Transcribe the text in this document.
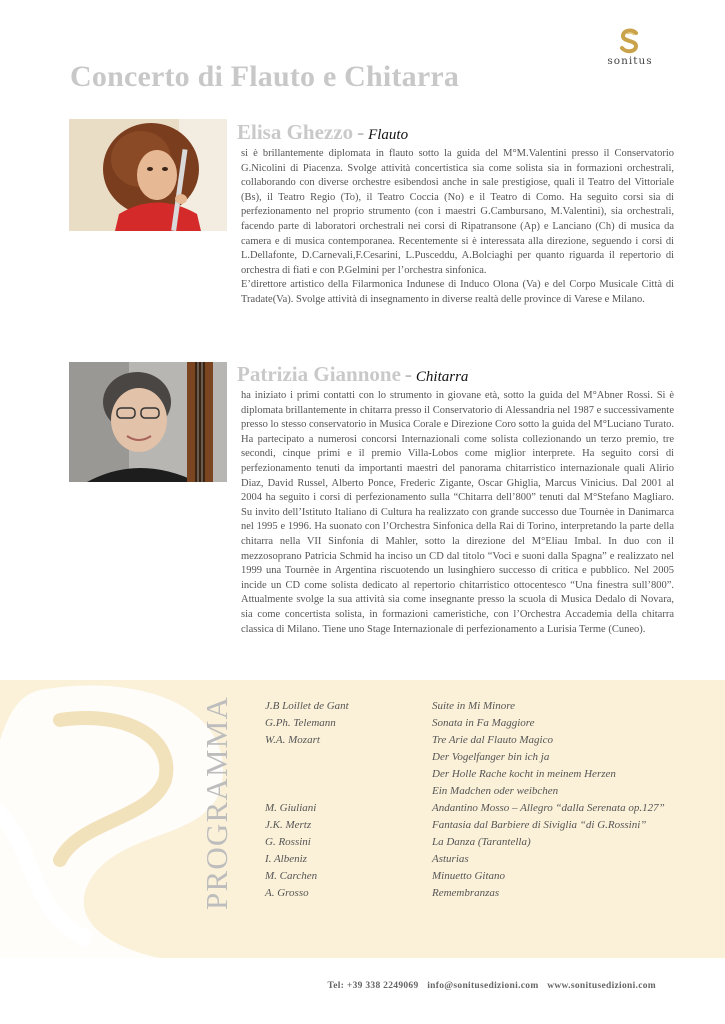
sonitus
Concerto di Flauto e Chitarra
Elisa Ghezzo - Flauto

si è brillantemente diplomata in flauto sotto la guida del M°M.Valentini presso il Conservatorio G.Nicolini di Piacenza. Svolge attività concertistica sia come solista sia in formazioni orchestrali, collaborando con diverse orchestre esibendosi anche in sale prestigiose, quali il Teatro del Vittoriale (Bs), il Teatro Regio (To), il Teatro Coccia (No) e il Teatro di Como. Ha seguito corsi sia di perfezionamento nel proprio strumento (con i maestri G.Cambursano, M.Valentini), sia orchestrali, facendo parte di laboratori orchestrali nei corsi di Ripatransone (Ap) e Lanciano (Ch) di musica da camera e di musica contemporanea. Recentemente si è interessata alla direzione, seguendo i corsi di L.Dellafonte, D.Carnevali,F.Cesarini, L.Pusceddu, A.Bolciaghi per quanto riguarda il repertorio di orchestra di fiati e con P.Gelmini per l’orchestra sinfonica.

E’direttore artistico della Filarmonica Indunese di Induco Olona (Va) e del Corpo Musicale Città di Tradate(Va). Svolge attività di insegnamento in diverse realtà delle province di Varese e Milano.

Patrizia Giannone - Chitarra

ha iniziato i primi contatti con lo strumento in giovane età, sotto la guida del M°Abner Rossi. Si è diplomata brillantemente in chitarra presso il Conservatorio di Alessandria nel 1987 e successivamente presso lo stesso conservatorio in Musica Corale e Direzione Coro sotto la guida del M°Luciano Turato. Ha partecipato a numerosi concorsi Internazionali come solista collezionando un terzo premio, tre secondi, cinque primi e il premio Villa-Lobos come miglior interprete. Ha seguito corsi di perfezionamento tenuti da importanti maestri del panorama chitarristico internazionale quali Alirio Diaz, David Russel, Alberto Ponce, Frederic Zigante, Oscar Ghiglia, Marcus Vinicius. Dal 2001 al 2004 ha seguito i corsi di perfezionamento sulla “Chitarra dell’800” tenuti dal M°Stefano Magliaro. Su invito dell’Istituto Italiano di Cultura ha realizzato con grande successo due Tournèe in Danimarca nel 1995 e 1996. Ha suonato con l’Orchestra Sinfonica della Rai di Torino, interpretando la parte della chitarra nella VII Sinfonia di Mahler, sotto la direzione del M°Eliau Imbal. In duo con il mezzosoprano Patricia Schmid ha inciso un CD dal titolo “Voci e suoni dalla Spagna” e realizzato nel 1999 una Tournèe in Argentina riscuotendo un lusinghiero successo di critica e pubblico. Nel 2005 incide un CD come solista dedicato al repertorio chitarristico ottocentesco “Una finestra sull’800”. Attualmente svolge la sua attività sia come insegnante presso la scuola di Musica Dedalo di Novara, sia come concertista solista, in formazioni cameristiche, con l’Orchestra Accademia della chitarra classica di Milano. Tiene uno Stage Internazionale di perfezionamento a Lurisia Terme (Cuneo).

PROGRAMMA	J.B Loillet de Gant
G.Ph. Telemann
W.A. Mozart
M. Giuliani
J.K. Mertz
G. Rossini
I. Albeniz
M. Carchen
A. Grosso
Suite in Mi Minore
Sonata in Fa Maggiore
Tre Arie dal Flauto Magico
Der Vogelfanger bin ich ja
Der Holle Rache kocht in meinem Herzen
Ein Madchen oder weibchen
Andantino Mosso – Allegro “dalla Serenata op.127”
Fantasia dal Barbiere di Siviglia “di G.Rossini”
La Danza (Tarantella)
Asturias
Minuetto Gitano
Remembranzas
Tel: +39 338 2249069 info@sonitusedizioni.com www.sonitusedizioni.com
